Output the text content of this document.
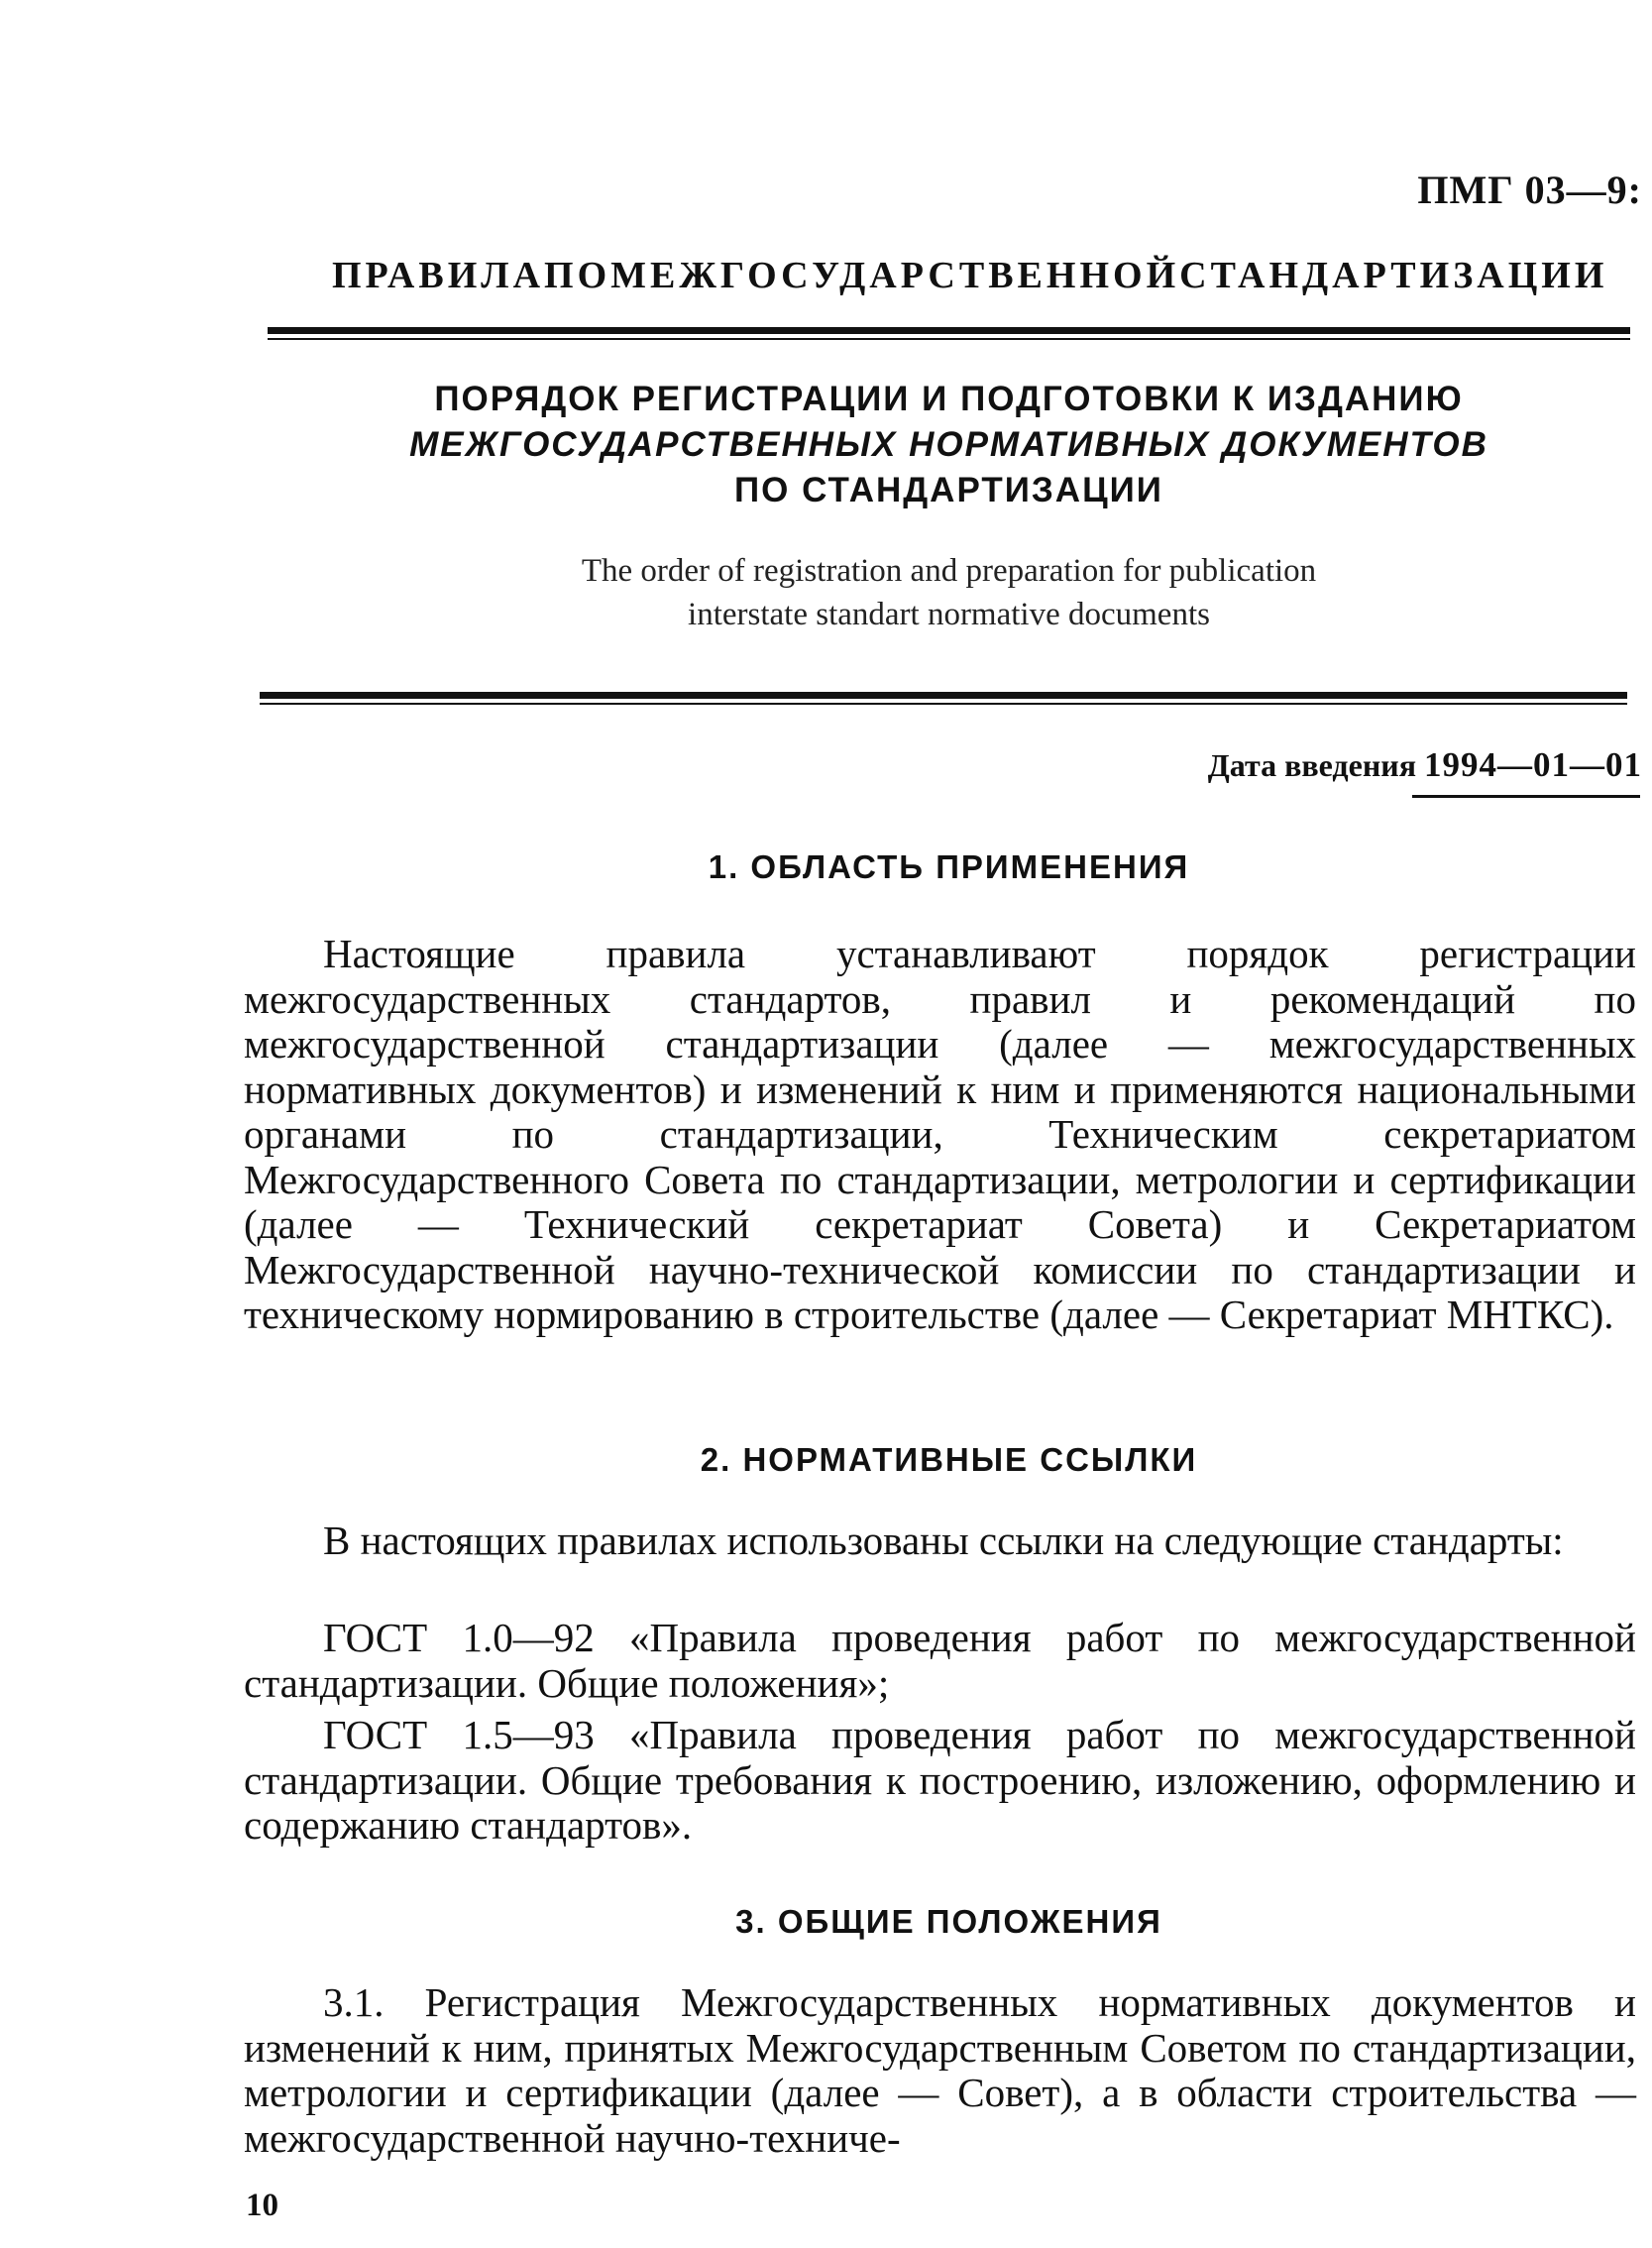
ПМГ 03—9:
ПРАВИЛА ПО МЕЖГОСУДАРСТВЕННОЙ СТАНДАРТИЗАЦИИ
ПОРЯДОК РЕГИСТРАЦИИ И ПОДГОТОВКИ К ИЗДАНИЮ
МЕЖГОСУДАРСТВЕННЫХ НОРМАТИВНЫХ ДОКУМЕНТОВ
ПО СТАНДАРТИЗАЦИИ
The order of registration and preparation for publication
interstate standart normative documents
Дата введения 1994—01—01
1. ОБЛАСТЬ ПРИМЕНЕНИЯ

Настоящие правила устанавливают порядок регистрации межгосударственных стандартов, правил и рекомендаций по межгосударственной стандартизации (далее — межгосударственных нормативных документов) и изменений к ним и применяются национальными органами по стандартизации, Техническим секретариатом Межгосударственного Совета по стандартизации, метрологии и сертификации (далее — Технический секретариат Совета) и Секретариатом Межгосударственной научно-технической комиссии по стандартизации и техническому нормированию в строительстве (далее — Секретариат МНТКС).

2. НОРМАТИВНЫЕ ССЫЛКИ

В настоящих правилах использованы ссылки на следующие стандарты:

ГОСТ 1.0—92 «Правила проведения работ по межгосударственной стандартизации. Общие положения»;

ГОСТ 1.5—93 «Правила проведения работ по межгосударственной стандартизации. Общие требования к построению, изложению, оформлению и содержанию стандартов».

3. ОБЩИЕ ПОЛОЖЕНИЯ

3.1. Регистрация Межгосударственных нормативных документов и изменений к ним, принятых Межгосударственным Советом по стандартизации, метрологии и сертификации (далее — Совет), а в области строительства — межгосударственной научно-техниче-

10
